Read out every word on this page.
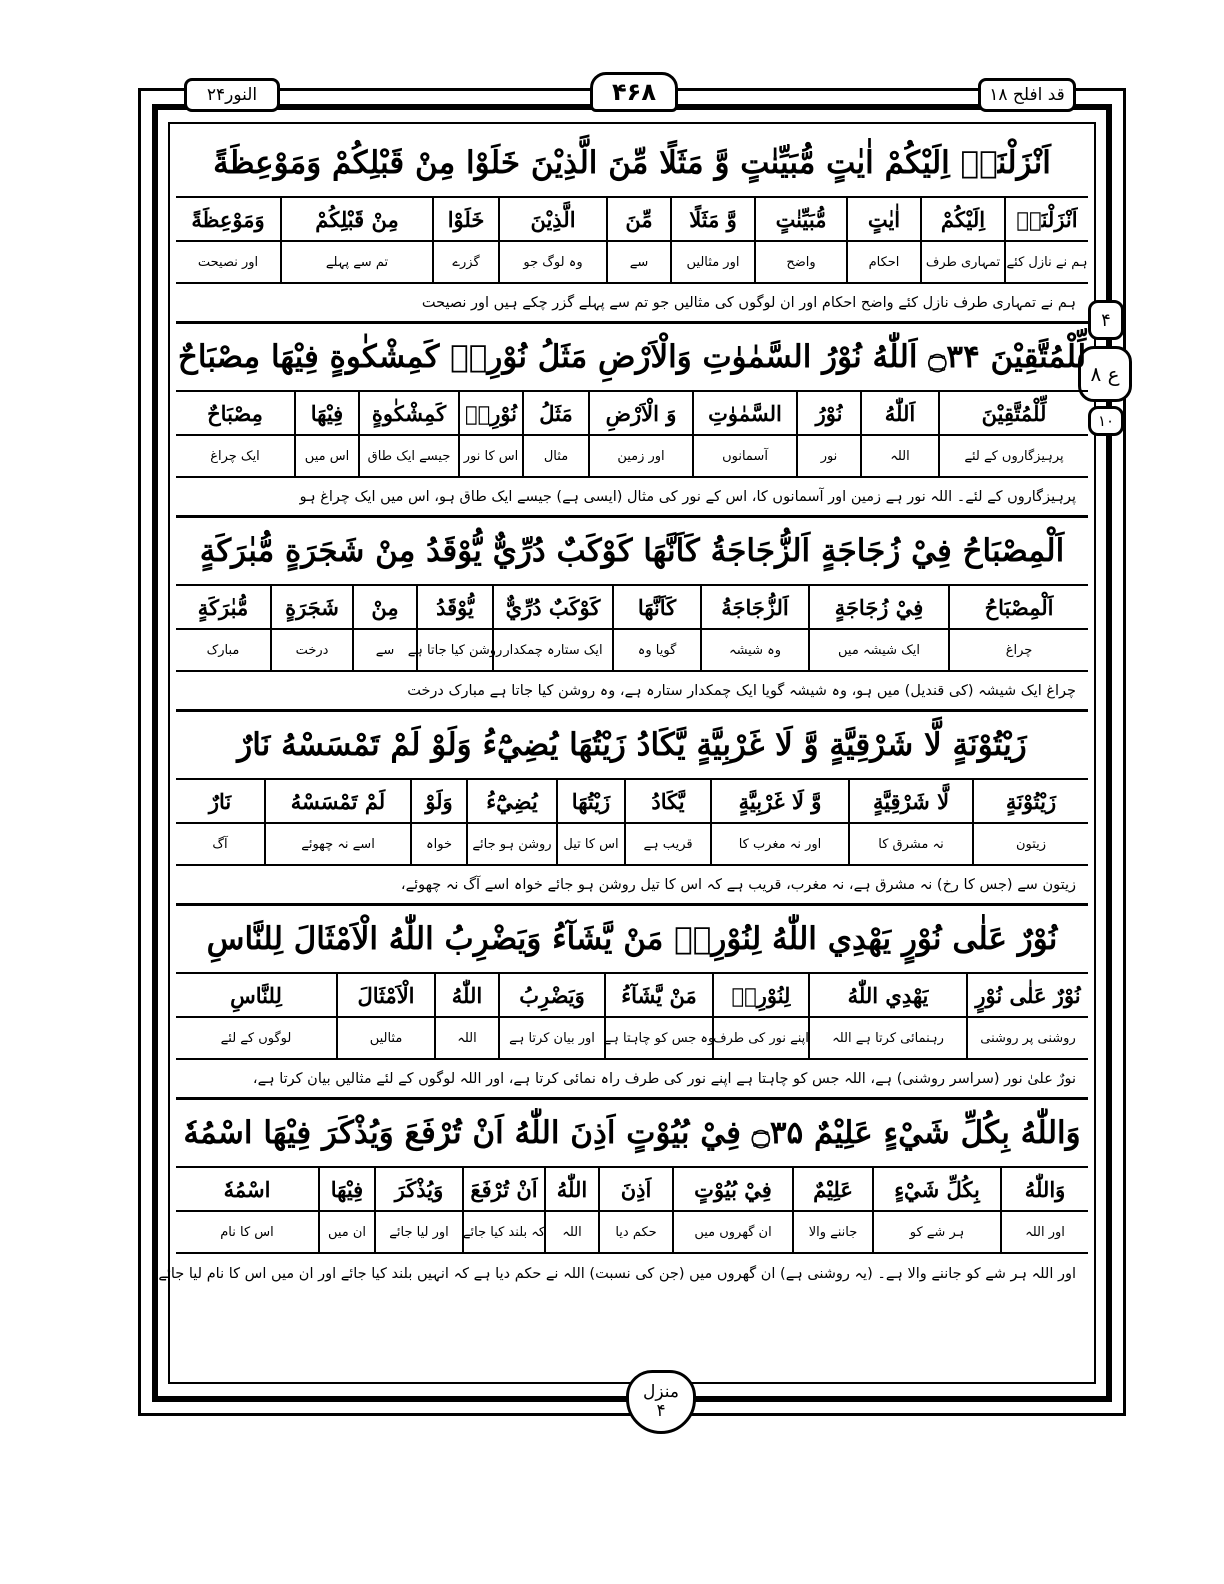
النور۲۴	۴۶۸	قد افلح ۱۸
۴
ع ۸
۱۰
منزل
۴
اَنْزَلْنَاۤ اِلَيْكُمْ اٰيٰتٍ مُّبَيِّنٰتٍ وَّ مَثَلًا مِّنَ الَّذِيْنَ خَلَوْا مِنْ قَبْلِكُمْ وَمَوْعِظَةً
اَنْزَلْنَاۤ
اِلَيْكُمْ
اٰيٰتٍ
مُّبَيِّنٰتٍ
وَّ مَثَلًا
مِّنَ
الَّذِيْنَ
خَلَوْا
مِنْ قَبْلِكُمْ
وَمَوْعِظَةً
ہم نے نازل کئے
تمہاری طرف
احکام
واضح
اور مثالیں
سے
وہ لوگ جو
گزرے
تم سے پہلے
اور نصیحت
ہم نے تمہاری طرف نازل کئے واضح احکام اور ان لوگوں کی مثالیں جو تم سے پہلے گزر چکے ہیں اور نصیحت
لِّلْمُتَّقِيْنَ ۝۳۴ اَللّٰهُ نُوْرُ السَّمٰوٰتِ وَالْاَرْضِ مَثَلُ نُوْرِهٖ كَمِشْكٰوةٍ فِيْهَا مِصْبَاحٌ
لِّلْمُتَّقِيْنَ
اَللّٰهُ
نُوْرُ
السَّمٰوٰتِ
وَ الْاَرْضِ
مَثَلُ
نُوْرِهٖ
كَمِشْكٰوةٍ
فِيْهَا
مِصْبَاحٌ
پرہیزگاروں کے لئے
اللہ
نور
آسمانوں
اور زمین
مثال
اس کا نور
جیسے ایک طاق
اس میں
ایک چراغ
پرہیزگاروں کے لئے۔ اللہ نور ہے زمین اور آسمانوں کا، اس کے نور کی مثال (ایسی ہے) جیسے ایک طاق ہو، اس میں ایک چراغ ہو
اَلْمِصْبَاحُ فِيْ زُجَاجَةٍ اَلزُّجَاجَةُ كَاَنَّهَا كَوْكَبٌ دُرِّيٌّ يُّوْقَدُ مِنْ شَجَرَةٍ مُّبٰرَكَةٍ
اَلْمِصْبَاحُ
فِيْ زُجَاجَةٍ
اَلزُّجَاجَةُ
كَاَنَّهَا
كَوْكَبٌ دُرِّيٌّ
يُّوْقَدُ
مِنْ
شَجَرَةٍ
مُّبٰرَكَةٍ
چراغ
ایک شیشہ میں
وہ شیشہ
گویا وہ
ایک ستارہ چمکدار
روشن کیا جاتا ہے
سے
درخت
مبارک
چراغ ایک شیشہ (کی قندیل) میں ہو، وہ شیشہ گویا ایک چمکدار ستارہ ہے، وہ روشن کیا جاتا ہے مبارک درخت
زَيْتُوْنَةٍ لَّا شَرْقِيَّةٍ وَّ لَا غَرْبِيَّةٍ يَّكَادُ زَيْتُهَا يُضِيْٓءُ وَلَوْ لَمْ تَمْسَسْهُ نَارٌ
زَيْتُوْنَةٍ
لَّا شَرْقِيَّةٍ
وَّ لَا غَرْبِيَّةٍ
يَّكَادُ
زَيْتُهَا
يُضِيْٓءُ
وَلَوْ
لَمْ تَمْسَسْهُ
نَارٌ
زیتون
نہ مشرق کا
اور نہ مغرب کا
قریب ہے
اس کا تیل
روشن ہو جائے
خواہ
اسے نہ چھوئے
آگ
زیتون سے (جس کا رخ) نہ مشرق ہے، نہ مغرب، قریب ہے کہ اس کا تیل روشن ہو جائے خواہ اسے آگ نہ چھوئے،
نُوْرٌ عَلٰى نُوْرٍ يَهْدِي اللّٰهُ لِنُوْرِهٖ مَنْ يَّشَآءُ وَيَضْرِبُ اللّٰهُ الْاَمْثَالَ لِلنَّاسِ
نُوْرٌ عَلٰى نُوْرٍ
يَهْدِي اللّٰهُ
لِنُوْرِهٖ
مَنْ يَّشَآءُ
وَيَضْرِبُ
اللّٰهُ
الْاَمْثَالَ
لِلنَّاسِ
روشنی پر روشنی
رہنمائی کرتا ہے اللہ
اپنے نور کی طرف
وہ جس کو چاہتا ہے
اور بیان کرتا ہے
اللہ
مثالیں
لوگوں کے لئے
نورٌ علیٰ نور (سراسر روشنی) ہے، اللہ جس کو چاہتا ہے اپنے نور کی طرف راہ نمائی کرتا ہے، اور اللہ لوگوں کے لئے مثالیں بیان کرتا ہے،
وَاللّٰهُ بِكُلِّ شَيْءٍ عَلِيْمٌ ۝۳۵ فِيْ بُيُوْتٍ اَذِنَ اللّٰهُ اَنْ تُرْفَعَ وَيُذْكَرَ فِيْهَا اسْمُهٗ
وَاللّٰهُ
بِكُلِّ شَيْءٍ
عَلِيْمٌ
فِيْ بُيُوْتٍ
اَذِنَ
اللّٰهُ
اَنْ تُرْفَعَ
وَيُذْكَرَ
فِيْهَا
اسْمُهٗ
اور اللہ
ہر شے کو
جاننے والا
ان گھروں میں
حکم دیا
اللہ
کہ بلند کیا جائے
اور لیا جائے
ان میں
اس کا نام
اور اللہ ہر شے کو جاننے والا ہے۔ (یہ روشنی ہے) ان گھروں میں (جن کی نسبت) اللہ نے حکم دیا ہے کہ انہیں بلند کیا جائے اور ان میں اس کا نام لیا جائے
